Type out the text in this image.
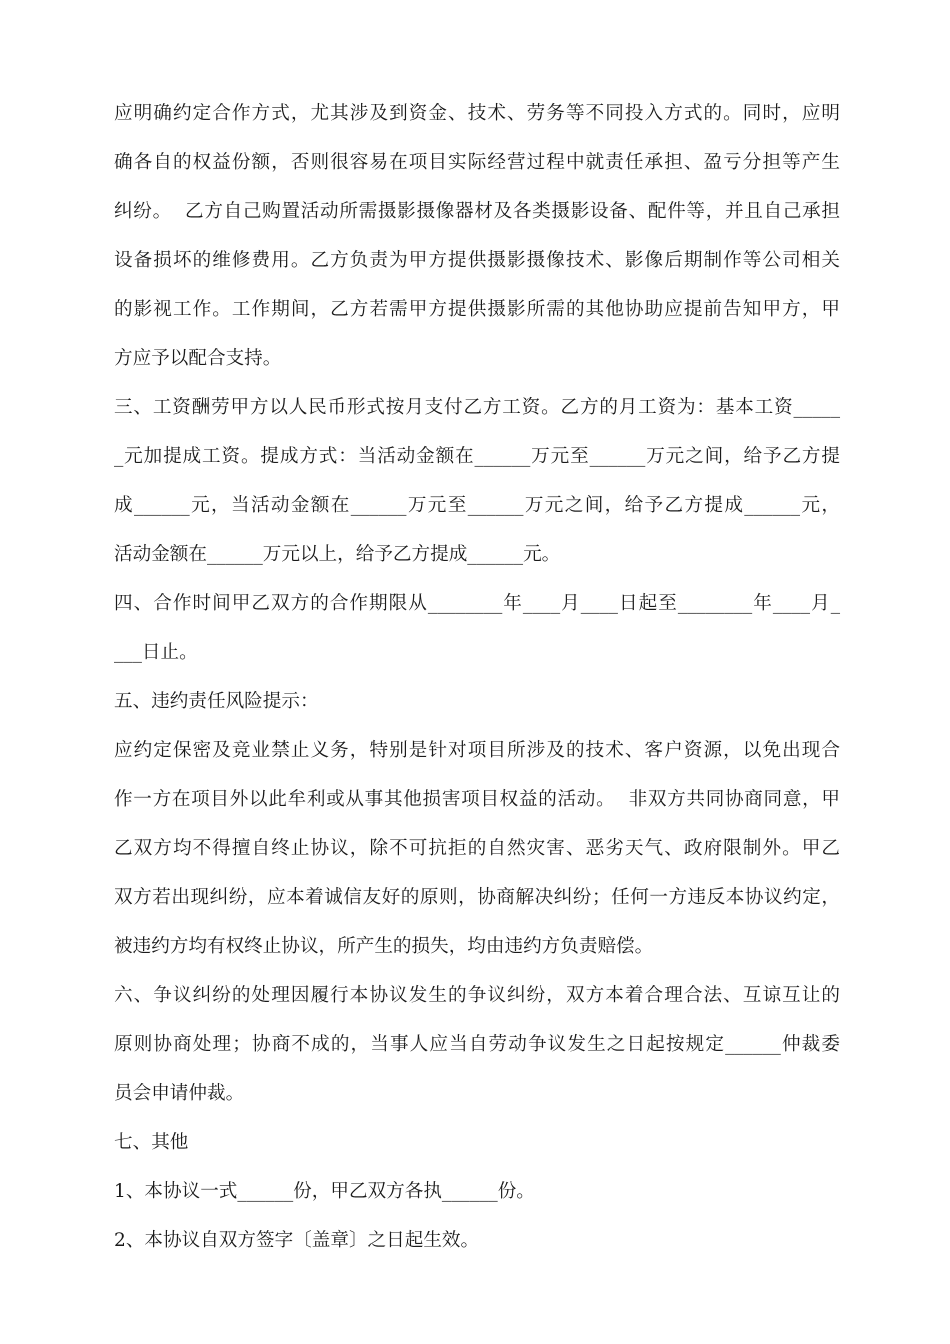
应明确约定合作方式，尤其涉及到资金、技术、劳务等不同投入方式的。同时，应明
确各自的权益份额，否则很容易在项目实际经营过程中就责任承担、盈亏分担等产生
纠纷。  乙方自己购置活动所需摄影摄像器材及各类摄影设备、配件等，并且自己承担
设备损坏的维修费用。乙方负责为甲方提供摄影摄像技术、影像后期制作等公司相关
的影视工作。工作期间，乙方若需甲方提供摄影所需的其他协助应提前告知甲方，甲
方应予以配合支持。
三、工资酬劳甲方以人民币形式按月支付乙方工资。乙方的月工资为：基本工资_____
_元加提成工资。提成方式：当活动金额在______万元至______万元之间，给予乙方提
成______元，当活动金额在______万元至______万元之间，给予乙方提成______元，
活动金额在______万元以上，给予乙方提成______元。
四、合作时间甲乙双方的合作期限从________年____月____日起至________年____月_
___日止。
五、违约责任风险提示：
应约定保密及竞业禁止义务，特别是针对项目所涉及的技术、客户资源，以免出现合
作一方在项目外以此牟利或从事其他损害项目权益的活动。  非双方共同协商同意，甲
乙双方均不得擅自终止协议，除不可抗拒的自然灾害、恶劣天气、政府限制外。甲乙
双方若出现纠纷，应本着诚信友好的原则，协商解决纠纷；任何一方违反本协议约定，
被违约方均有权终止协议，所产生的损失，均由违约方负责赔偿。
六、争议纠纷的处理因履行本协议发生的争议纠纷，双方本着合理合法、互谅互让的
原则协商处理；协商不成的，当事人应当自劳动争议发生之日起按规定______仲裁委
员会申请仲裁。
七、其他
1、本协议一式______份，甲乙双方各执______份。
2、本协议自双方签字〔盖章〕之日起生效。
